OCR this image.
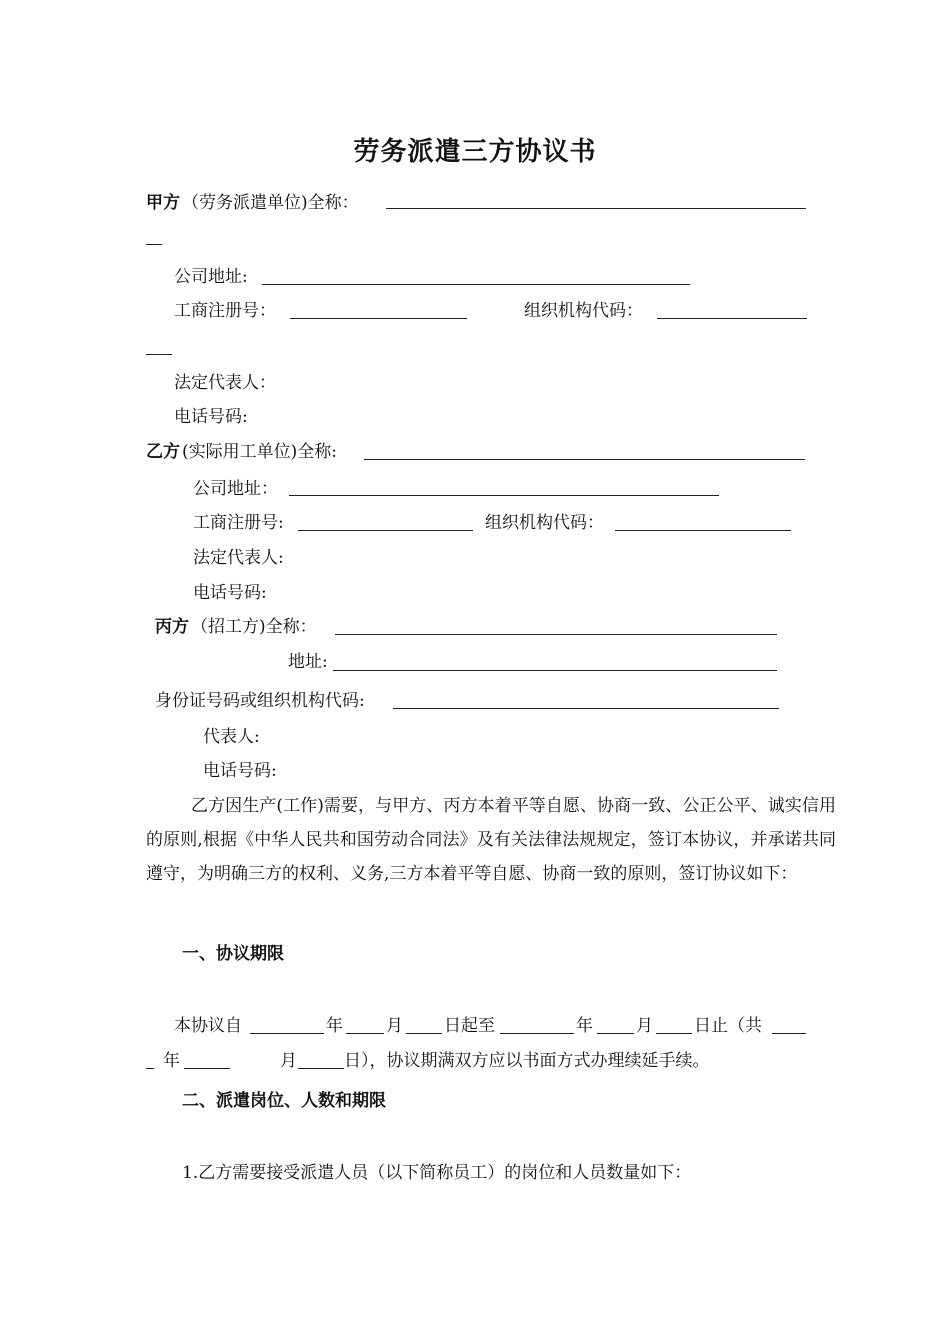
劳务派遣三方协议书
甲方 （劳务派遣单位)全称：
公司地址:
工商注册号：	组织机构代码：
法定代表人：
电话号码:
乙方 (实际用工单位)全称:
公司地址：
工商注册号:	组织机构代码：
法定代表人:
电话号码:
丙方 （招工方)全称：
地址:
身份证号码或组织机构代码:
代表人:
电话号码:
乙方因生产(工作)需要，与甲方、丙方本着平等自愿、协商一致、公正公平、诚实信用的原则,根据《中华人民共和国劳动合同法》及有关法律法规规定，签订本协议，并承诺共同遵守，为明确三方的权利、义务,三方本着平等自愿、协商一致的原则，签订协议如下：
一、协议期限
本协议自	年	月 日起至	年	月 日止（共
年	月	日），协议期满双方应以书面方式办理续延手续。
二、派遣岗位、人数和期限
1.乙方需要接受派遣人员（以下简称员工）的岗位和人员数量如下：
